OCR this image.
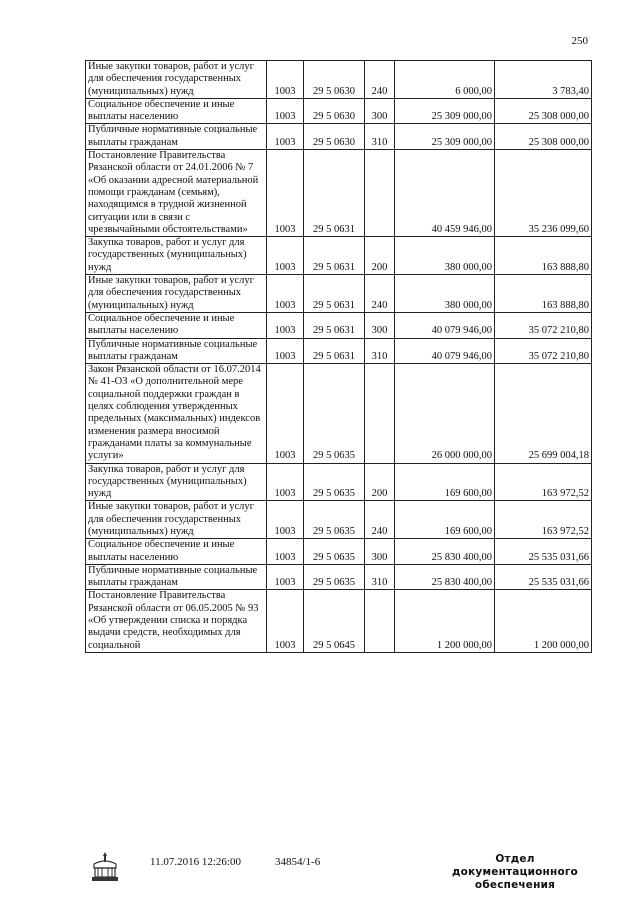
250
Иные закупки товаров, работ и услуг для обеспечения государственных (муниципальных) нужд	1003	29 5 0630	240	6 000,00	3 783,40
Социальное обеспечение и иные выплаты населению	1003	29 5 0630	300	25 309 000,00	25 308 000,00
Публичные нормативные социальные выплаты гражданам	1003	29 5 0630	310	25 309 000,00	25 308 000,00
Постановление Правительства Рязанской области от 24.01.2006 № 7 «Об оказании адресной материальной помощи гражданам (семьям), находящимся в трудной жизненной ситуации или в связи с чрезвычайными обстоятельствами»	1003	29 5 0631		40 459 946,00	35 236 099,60
Закупка товаров, работ и услуг для государственных (муниципальных) нужд	1003	29 5 0631	200	380 000,00	163 888,80
Иные закупки товаров, работ и услуг для обеспечения государственных (муниципальных) нужд	1003	29 5 0631	240	380 000,00	163 888,80
Социальное обеспечение и иные выплаты населению	1003	29 5 0631	300	40 079 946,00	35 072 210,80
Публичные нормативные социальные выплаты гражданам	1003	29 5 0631	310	40 079 946,00	35 072 210,80
Закон Рязанской области от 16.07.2014 № 41-ОЗ «О дополнительной мере социальной поддержки граждан в целях соблюдения утвержденных предельных (максимальных) индексов изменения размера вносимой гражданами платы за коммунальные услуги»	1003	29 5 0635		26 000 000,00	25 699 004,18
Закупка товаров, работ и услуг для государственных (муниципальных) нужд	1003	29 5 0635	200	169 600,00	163 972,52
Иные закупки товаров, работ и услуг для обеспечения государственных (муниципальных) нужд	1003	29 5 0635	240	169 600,00	163 972,52
Социальное обеспечение и иные выплаты населению	1003	29 5 0635	300	25 830 400,00	25 535 031,66
Публичные нормативные социальные выплаты гражданам	1003	29 5 0635	310	25 830 400,00	25 535 031,66
Постановление Правительства Рязанской области от 06.05.2005 № 93 «Об утверждении списка и порядка выдачи средств, необходимых для социальной	1003	29 5 0645		1 200 000,00	1 200 000,00
11.07.2016 12:26:00	34854/1-6	Отдел документационного
обеспечения
